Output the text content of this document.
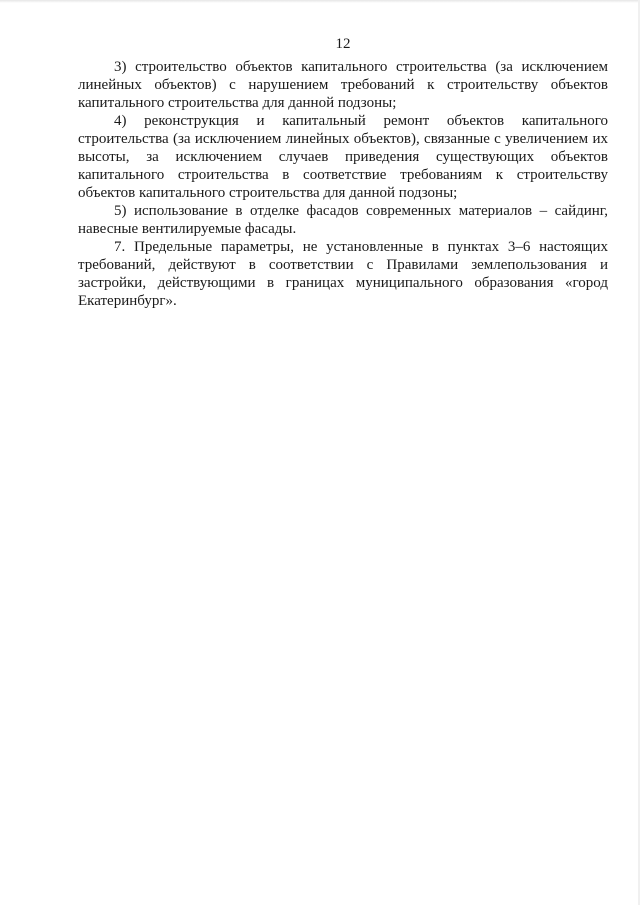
12

3) строительство объектов капитального строительства (за исключением линейных объектов) с нарушением требований к строительству объектов капитального строительства для данной подзоны;

4) реконструкция и капитальный ремонт объектов капитального строительства (за исключением линейных объектов), связанные с увеличением их высоты, за исключением случаев приведения существующих объектов капитального строительства в соответствие требованиям к строительству объектов капитального строительства для данной подзоны;

5) использование в отделке фасадов современных материалов – сайдинг, навесные вентилируемые фасады.

7. Предельные параметры, не установленные в пунктах 3–6 настоящих требований, действуют в соответствии с Правилами землепользования и застройки, действующими в границах муниципального образования «город Екатеринбург».
